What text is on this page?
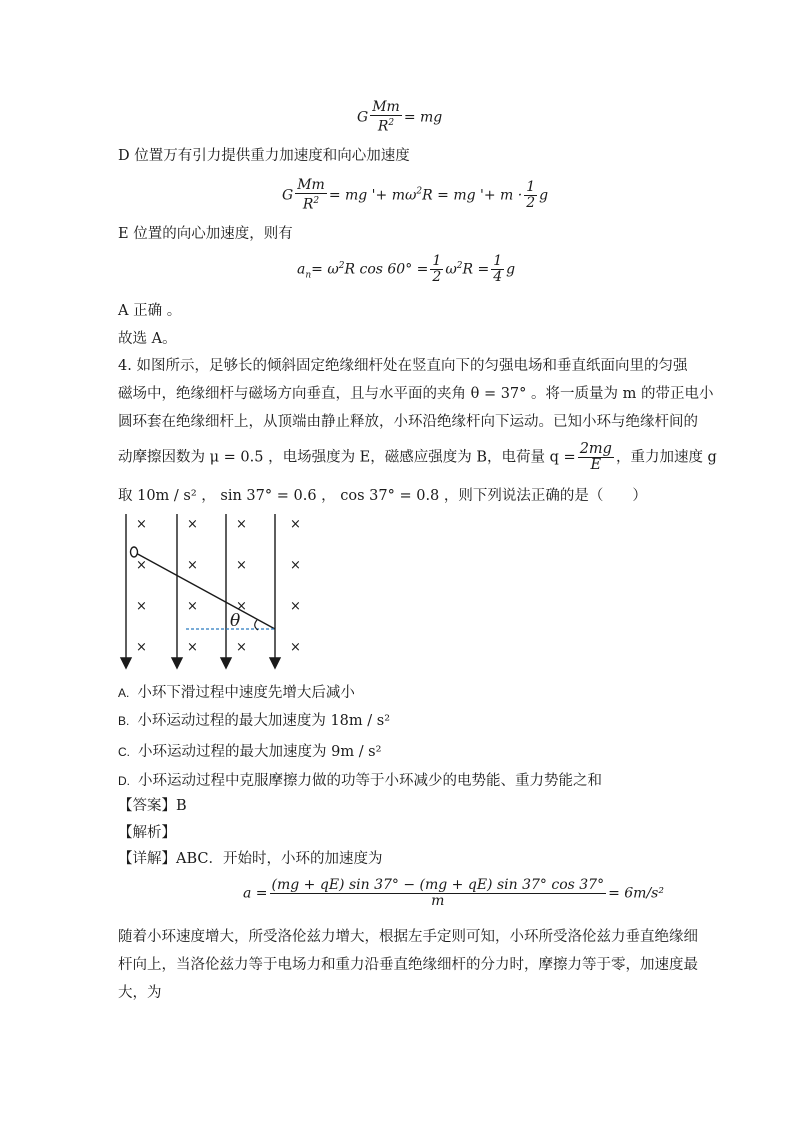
G $\frac{Mm}{R^2}$ = mg
D 位置万有引力提供重力加速度和向心加速度
G $\frac{Mm}{R^2}$ = mg '+ $m\omega^2R$ = mg '+ $m \cdot \frac{1}{2}$ g
E 位置的向心加速度，则有
$a_n= \omega^2R$ $\cos 60^\circ = \frac{1}{2} \omega^2R = \frac{1}{4}$ g
A 正确 。
故选 A。
4. 如图所示，足够长的倾斜固定绝缘细杆处在竖直向下的匀强电场和垂直纸面向里的匀强
磁场中，绝缘细杆与磁场方向垂直，且与水平面的夹角 θ = 37° 。将一质量为 m 的带正电小
圆环套在绝缘细杆上，从顶端由静止释放，小环沿绝缘杆向下运动。已知小环与绝缘杆间的
动摩擦因数为 μ = 0.5 ，电场强度为 E，磁感应强度为 B，电荷量 $q = \frac{2mg}{E}$ ，重力加速度 g
取 10m / s² ， sin 37° = 0.6 ， cos 37° = 0.8 ，则下列说法正确的是（　　）
×	×	×	×
×	×	×	×
×	×	×	×
×	×	×	×
θ
A. 小环下滑过程中速度先增大后减小
B. 小环运动过程的最大加速度为 18m / s²
C. 小环运动过程的最大加速度为 9m / s²
D. 小环运动过程中克服摩擦力做的功等于小环减少的电势能、重力势能之和
【答案】B
【解析】
【详解】ABC．开始时，小环的加速度为
$a = \frac{(mg + qE) \sin 37^\circ - (mg + qE) \sin 37^\circ \cos 37^\circ}{m} = 6m/s^2$
随着小环速度增大，所受洛伦兹力增大，根据左手定则可知，小环所受洛伦兹力垂直绝缘细
杆向上，当洛伦兹力等于电场力和重力沿垂直绝缘细杆的分力时，摩擦力等于零，加速度最
大，为
